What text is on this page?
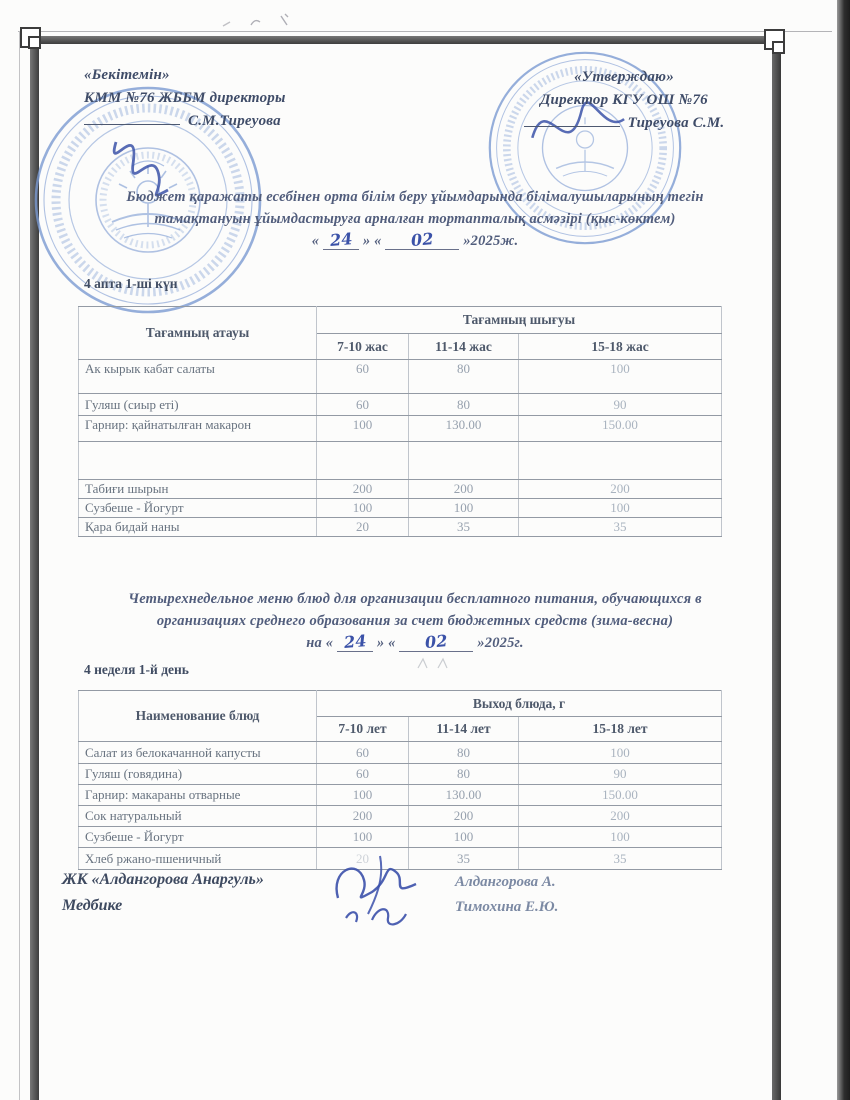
«Бекітемін»
КММ №76 ЖББМ директоры
С.М.Тиреуова
«Утверждаю»
Директор КГУ ОШ №76
Тиреуова С.М.
Бюджет қаражаты есебінен орта білім беру ұйымдарында білімалушыларының тегін
тамақтануын ұйымдастыруға арналған тортапталық асмәзірі (қыс-көктем)
« 24 » « 02 »2025ж.
4 апта 1-ші күн
Тағамның атауы	Тағамның шығуы		
	7-10 жас	11-14 жас	15-18 жас
Ак кырык кабат салаты	60	80	100
Гуляш (сиыр еті)	60	80	90
Гарнир: қайнатылған макарон	100	130.00	150.00

Табиғи шырын	200	200	200
Сузбеше - Йогурт	100	100	100
Қара бидай наны	20	35	35
Четырехнедельное меню блюд для организации бесплатного питания, обучающихся в
организациях среднего образования за счет бюджетных средств (зима-весна)
на « 24 » « 02 »2025г.
4 неделя 1-й день
Наименование блюд	Выход блюда, г		
	7-10 лет	11-14 лет	15-18 лет
Салат из белокачанной капусты	60	80	100
Гуляш (говядина)	60	80	90
Гарнир: макараны отварные	100	130.00	150.00
Сок натуральный	200	200	200
Сузбеше - Йогурт	100	100	100
Хлеб ржано-пшеничный	20	35	35
ЖК «Алдангорова Анаргуль»
Медбике
Алдангорова А.
Тимохина Е.Ю.
